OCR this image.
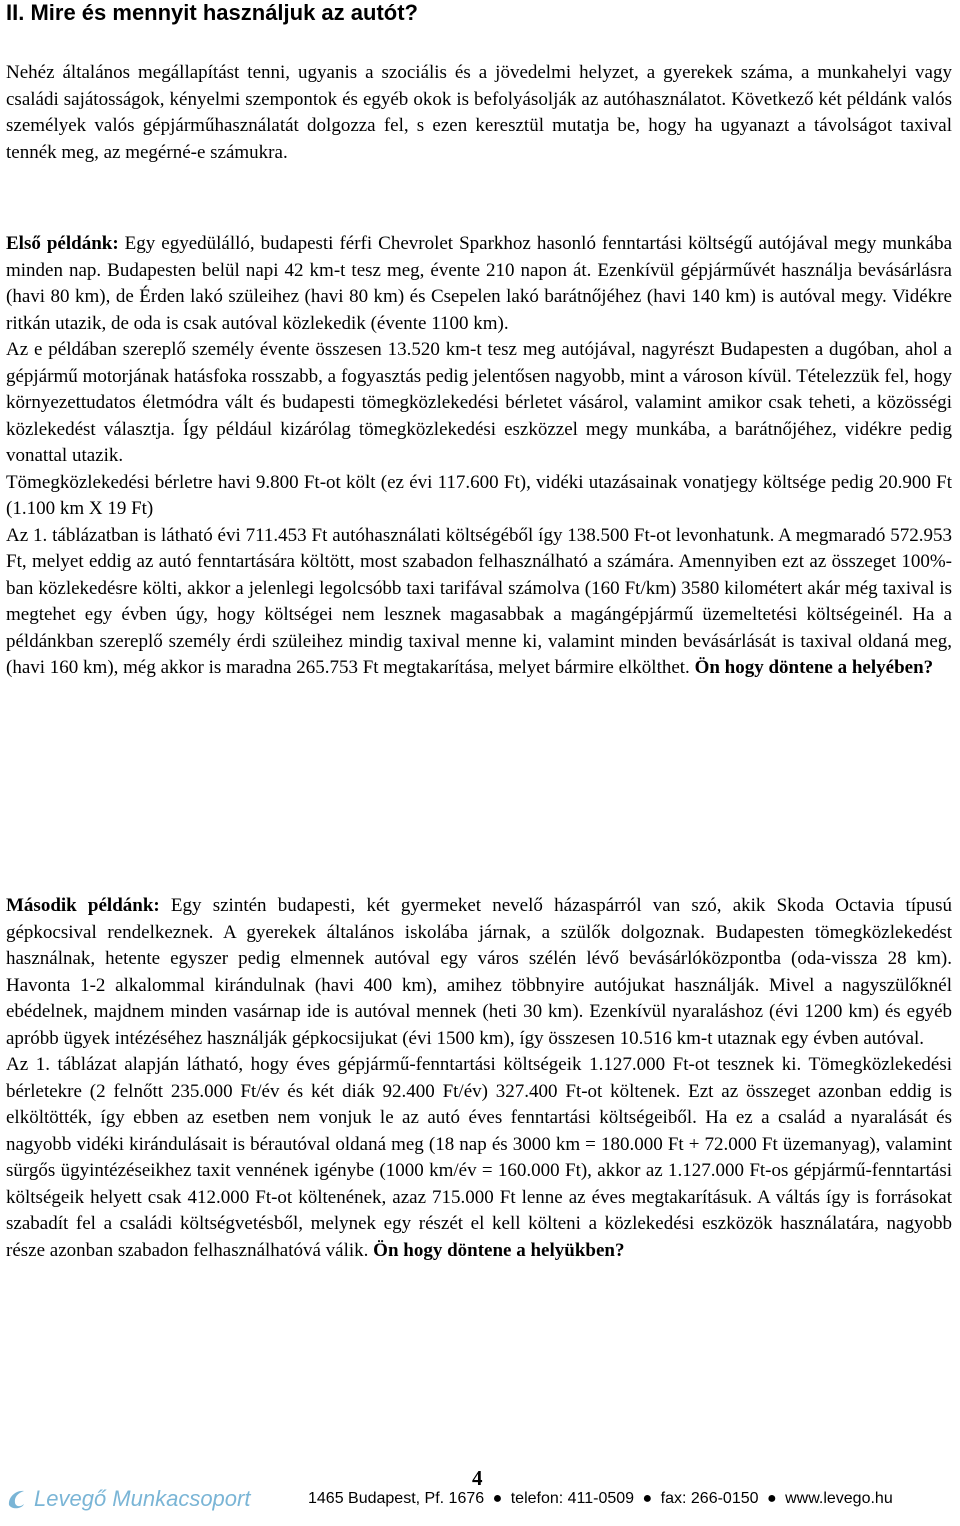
II. Mire és mennyit használjuk az autót?

Nehéz általános megállapítást tenni, ugyanis a szociális és a jövedelmi helyzet, a gyerekek száma, a munkahelyi vagy családi sajátosságok, kényelmi szempontok és egyéb okok is befolyásolják az autóhasználatot. Következő két példánk valós személyek valós gépjárműhasználatát dolgozza fel, s ezen keresztül mutatja be, hogy ha ugyanazt a távolságot taxival tennék meg, az megérné-e számukra.

Első példánk: Egy egyedülálló, budapesti férfi Chevrolet Sparkhoz hasonló fenntartási költségű autójával megy munkába minden nap. Budapesten belül napi 42 km-t tesz meg, évente 210 napon át. Ezenkívül gépjárművét használja bevásárlásra (havi 80 km), de Érden lakó szüleihez (havi 80 km) és Csepelen lakó barátnőjéhez (havi 140 km) is autóval megy. Vidékre ritkán utazik, de oda is csak autóval közlekedik (évente 1100 km).

Az e példában szereplő személy évente összesen 13.520 km-t tesz meg autójával, nagyrészt Budapesten a dugóban, ahol a gépjármű motorjának hatásfoka rosszabb, a fogyasztás pedig jelentősen nagyobb, mint a városon kívül. Tételezzük fel, hogy környezettudatos életmódra vált és budapesti tömegközlekedési bérletet vásárol, valamint amikor csak teheti, a közösségi közlekedést választja. Így például kizárólag tömegközlekedési eszközzel megy munkába, a barátnőjéhez, vidékre pedig vonattal utazik.

Tömegközlekedési bérletre havi 9.800 Ft-ot költ (ez évi 117.600 Ft), vidéki utazásainak vonatjegy költsége pedig 20.900 Ft (1.100 km X 19 Ft)

Az 1. táblázatban is látható évi 711.453 Ft autóhasználati költségéből így 138.500 Ft-ot levonhatunk. A megmaradó 572.953 Ft, melyet eddig az autó fenntartására költött, most szabadon felhasználható a számára. Amennyiben ezt az összeget 100%-ban közlekedésre költi, akkor a jelenlegi legolcsóbb taxi tarifával számolva (160 Ft/km) 3580 kilométert akár még taxival is megtehet egy évben úgy, hogy költségei nem lesznek magasabbak a magángépjármű üzemeltetési költségeinél. Ha a példánkban szereplő személy érdi szüleihez mindig taxival menne ki, valamint minden bevásárlását is taxival oldaná meg, (havi 160 km), még akkor is maradna 265.753 Ft megtakarítása, melyet bármire elkölthet. Ön hogy döntene a helyében?

Második példánk: Egy szintén budapesti, két gyermeket nevelő házaspárról van szó, akik Skoda Octavia típusú gépkocsival rendelkeznek. A gyerekek általános iskolába járnak, a szülők dolgoznak. Budapesten tömegközlekedést használnak, hetente egyszer pedig elmennek autóval egy város szélén lévő bevásárlóközpontba (oda-vissza 28 km). Havonta 1-2 alkalommal kirándulnak (havi 400 km), amihez többnyire autójukat használják. Mivel a nagyszülőknél ebédelnek, majdnem minden vasárnap ide is autóval mennek (heti 30 km). Ezenkívül nyaraláshoz (évi 1200 km) és egyéb apróbb ügyek intézéséhez használják gépkocsijukat (évi 1500 km), így összesen 10.516 km-t utaznak egy évben autóval.

Az 1. táblázat alapján látható, hogy éves gépjármű-fenntartási költségeik 1.127.000 Ft-ot tesznek ki. Tömegközlekedési bérletekre (2 felnőtt 235.000 Ft/év és két diák 92.400 Ft/év) 327.400 Ft-ot költenek. Ezt az összeget azonban eddig is elköltötték, így ebben az esetben nem vonjuk le az autó éves fenntartási költségeiből. Ha ez a család a nyaralását és nagyobb vidéki kirándulásait is bérautóval oldaná meg (18 nap és 3000 km = 180.000 Ft + 72.000 Ft üzemanyag), valamint sürgős ügyintézéseikhez taxit vennének igénybe (1000 km/év = 160.000 Ft), akkor az 1.127.000 Ft-os gépjármű-fenntartási költségeik helyett csak 412.000 Ft-ot költenének, azaz 715.000 Ft lenne az éves megtakarításuk. A váltás így is forrásokat szabadít fel a családi költségvetésből, melynek egy részét el kell költeni a közlekedési eszközök használatára, nagyobb része azonban szabadon felhasználhatóvá válik. Ön hogy döntene a helyükben?

4
Levegő Munkacsoport	1465 Budapest, Pf. 1676 ● telefon: 411-0509 ● fax: 266-0150 ● www.levego.hu
